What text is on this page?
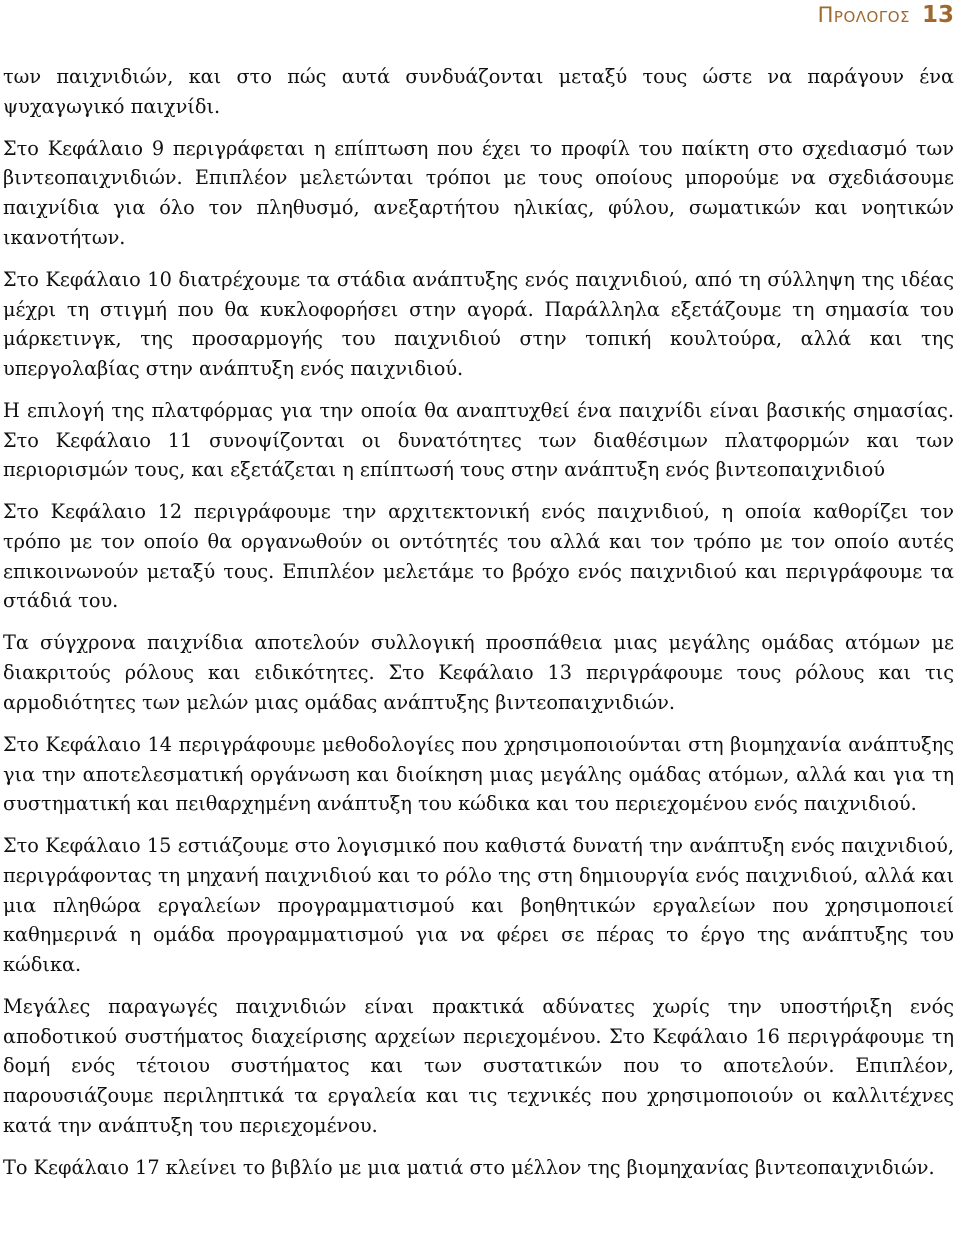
ΠΡΟΛΟΓΟΣ 13

των παιχνιδιών, και στο πώς αυτά συνδυάζονται μεταξύ τους ώστε να παράγουν ένα ψυχαγωγικό παιχνίδι.

Στο Κεφάλαιο 9 περιγράφεται η επίπτωση που έχει το προφίλ του παίκτη στο σχεdιασμό των βιντεοπαιχνιδιών. Επιπλέον μελετώνται τρόποι με τους οποίους μπορούμε να σχεδιάσουμε παιχνίδια για όλο τον πληθυσμό, ανεξαρτήτου ηλικίας, φύλου, σωματικών και νοητικών ικανοτήτων.

Στο Κεφάλαιο 10 διατρέχουμε τα στάδια ανάπτυξης ενός παιχνιδιού, από τη σύλληψη της ιδέας μέχρι τη στιγμή που θα κυκλοφορήσει στην αγορά. Παράλληλα εξετάζουμε τη σημασία του μάρκετινγκ, της προσαρμογής του παιχνιδιού στην τοπική κουλτούρα, αλλά και της υπεργολαβίας στην ανάπτυξη ενός παιχνιδιού.

Η επιλογή της πλατφόρμας για την οποία θα αναπτυχθεί ένα παιχνίδι είναι βασικής σημασίας. Στο Κεφάλαιο 11 συνοψίζονται οι δυνατότητες των διαθέσιμων πλατφορμών και των περιορισμών τους, και εξετάζεται η επίπτωσή τους στην ανάπτυξη ενός βιντεοπαιχνιδιού

Στο Κεφάλαιο 12 περιγράφουμε την αρχιτεκτονική ενός παιχνιδιού, η οποία καθορίζει τον τρόπο με τον οποίο θα οργανωθούν οι οντότητές του αλλά και τον τρόπο με τον οποίο αυτές επικοινωνούν μεταξύ τους. Επιπλέον μελετάμε το βρόχο ενός παιχνιδιού και περιγράφουμε τα στάδιά του.

Τα σύγχρονα παιχνίδια αποτελούν συλλογική προσπάθεια μιας μεγάλης ομάδας ατόμων με διακριτούς ρόλους και ειδικότητες. Στο Κεφάλαιο 13 περιγράφουμε τους ρόλους και τις αρμοδιότητες των μελών μιας ομάδας ανάπτυξης βιντεοπαιχνιδιών.

Στο Κεφάλαιο 14 περιγράφουμε μεθοδολογίες που χρησιμοποιούνται στη βιομηχανία ανάπτυξης για την αποτελεσματική οργάνωση και διοίκηση μιας μεγάλης ομάδας ατόμων, αλλά και για τη συστηματική και πειθαρχημένη ανάπτυξη του κώδικα και του περιεχομένου ενός παιχνιδιού.

Στο Κεφάλαιο 15 εστιάζουμε στο λογισμικό που καθιστά δυνατή την ανάπτυξη ενός παιχνιδιού, περιγράφοντας τη μηχανή παιχνιδιού και το ρόλο της στη δημιουργία ενός παιχνιδιού, αλλά και μια πληθώρα εργαλείων προγραμματισμού και βοηθητικών εργαλείων που χρησιμοποιεί καθημερινά η ομάδα προγραμματισμού για να φέρει σε πέρας το έργο της ανάπτυξης του κώδικα.

Μεγάλες παραγωγές παιχνιδιών είναι πρακτικά αδύνατες χωρίς την υποστήριξη ενός αποδοτικού συστήματος διαχείρισης αρχείων περιεχομένου. Στο Κεφάλαιο 16 περιγράφουμε τη δομή ενός τέτοιου συστήματος και των συστατικών που το αποτελούν. Επιπλέον, παρουσιάζουμε περιληπτικά τα εργαλεία και τις τεχνικές που χρησιμοποιούν οι καλλιτέχνες κατά την ανάπτυξη του περιεχομένου.

Το Κεφάλαιο 17 κλείνει το βιβλίο με μια ματιά στο μέλλον της βιομηχανίας βιντεοπαιχνιδιών.
